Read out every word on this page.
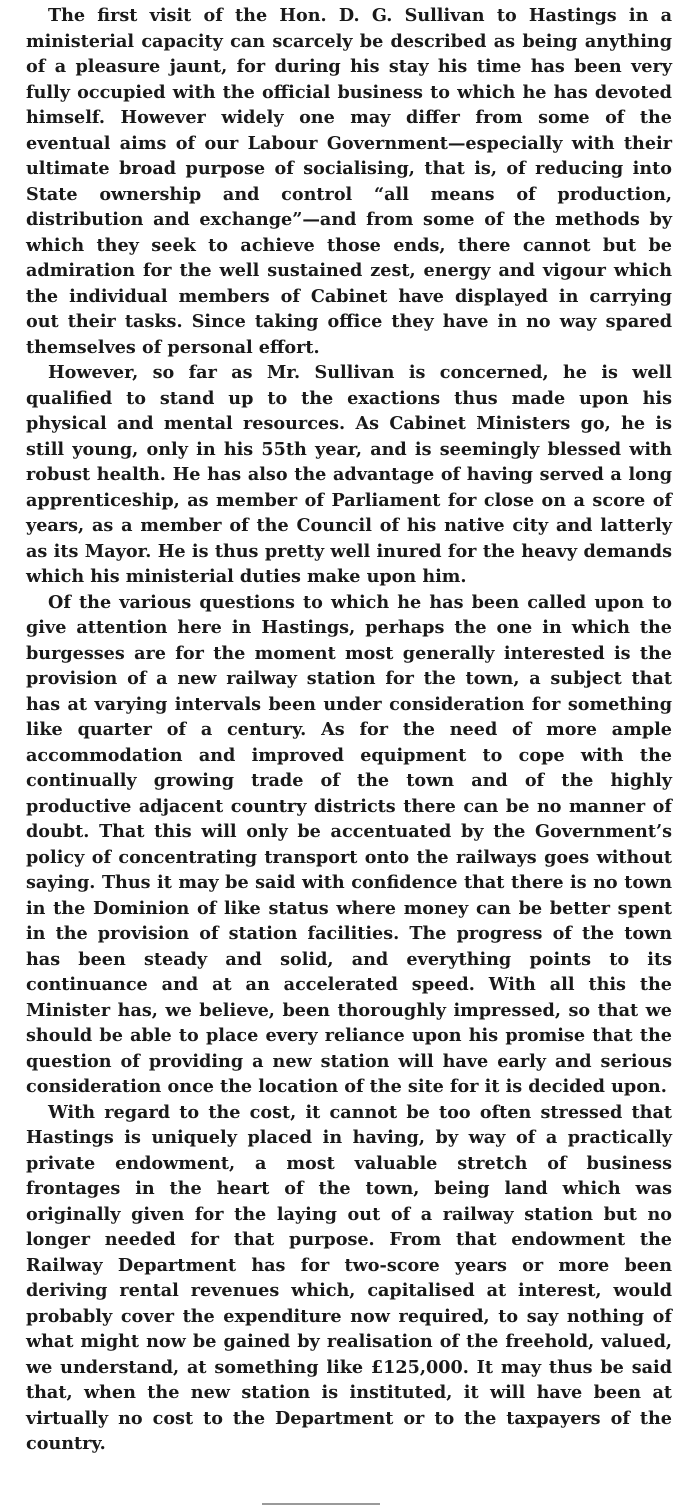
The first visit of the Hon. D. G. Sullivan to Hastings in a ministerial capacity can scarcely be described as being anything of a pleasure jaunt, for during his stay his time has been very fully occupied with the official business to which he has devoted himself. However widely one may differ from some of the eventual aims of our Labour Government—especially with their ultimate broad purpose of socialising, that is, of reducing into State ownership and control “all means of production, distribution and exchange”—and from some of the methods by which they seek to achieve those ends, there cannot but be admiration for the well sustained zest, energy and vigour which the individual members of Cabinet have displayed in carrying out their tasks. Since taking office they have in no way spared themselves of personal effort.

However, so far as Mr. Sullivan is concerned, he is well qualified to stand up to the exactions thus made upon his physical and mental resources. As Cabinet Ministers go, he is still young, only in his 55th year, and is seemingly blessed with robust health. He has also the advantage of having served a long apprenticeship, as member of Parliament for close on a score of years, as a member of the Council of his native city and latterly as its Mayor. He is thus pretty well inured for the heavy demands which his ministerial duties make upon him.

Of the various questions to which he has been called upon to give attention here in Hastings, perhaps the one in which the burgesses are for the moment most generally interested is the provision of a new railway station for the town, a subject that has at varying intervals been under consideration for something like quarter of a century. As for the need of more ample accommodation and improved equipment to cope with the continually growing trade of the town and of the highly productive adjacent country districts there can be no manner of doubt. That this will only be accentuated by the Government’s policy of concentrating transport onto the railways goes without saying. Thus it may be said with confidence that there is no town in the Dominion of like status where money can be better spent in the provision of station facilities. The progress of the town has been steady and solid, and everything points to its continuance and at an accelerated speed. With all this the Minister has, we believe, been thoroughly impressed, so that we should be able to place every reliance upon his promise that the question of providing a new station will have early and serious consideration once the location of the site for it is decided upon.

With regard to the cost, it cannot be too often stressed that Hastings is uniquely placed in having, by way of a practically private endowment, a most valuable stretch of business frontages in the heart of the town, being land which was originally given for the laying out of a railway station but no longer needed for that purpose. From that endowment the Railway Department has for two-score years or more been deriving rental revenues which, capitalised at interest, would probably cover the expenditure now required, to say nothing of what might now be gained by realisation of the freehold, valued, we understand, at something like £125,000. It may thus be said that, when the new station is instituted, it will have been at virtually no cost to the Department or to the taxpayers of the country.
